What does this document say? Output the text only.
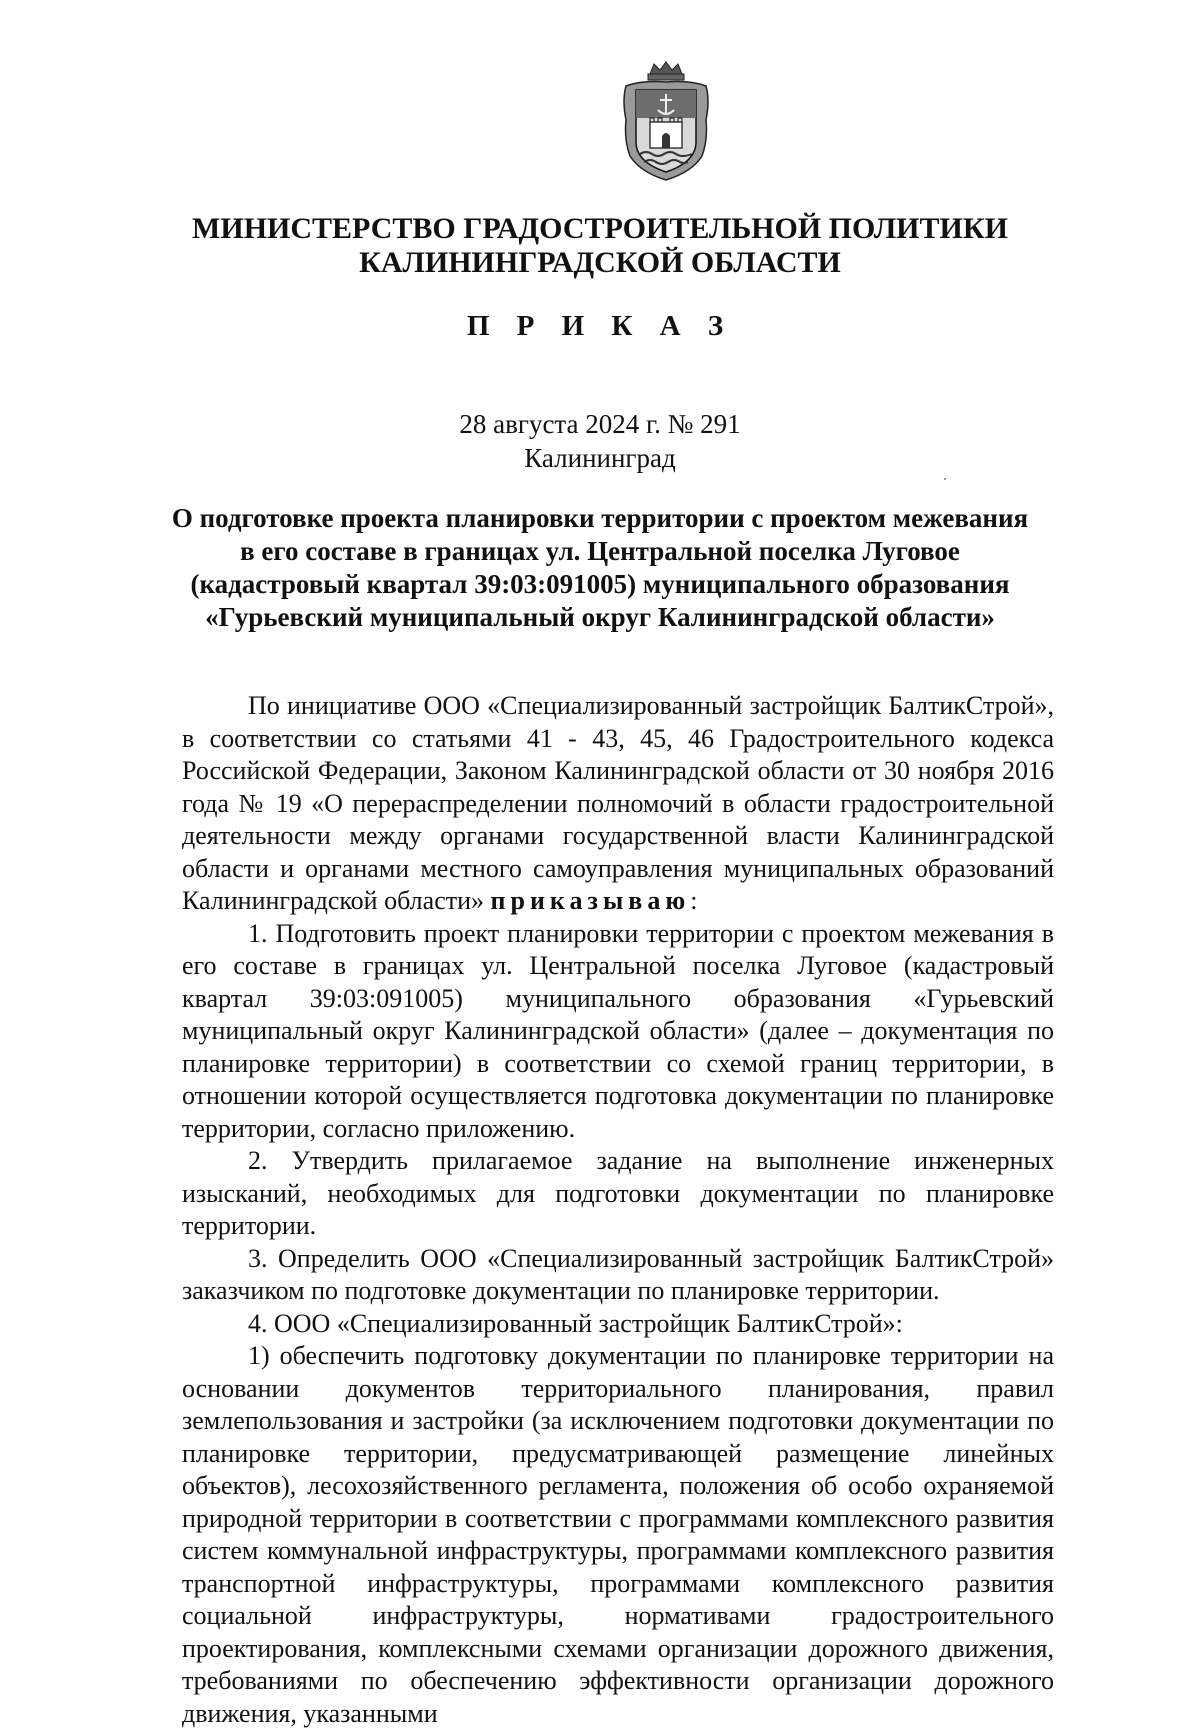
МИНИСТЕРСТВО ГРАДОСТРОИТЕЛЬНОЙ ПОЛИТИКИ
КАЛИНИНГРАДСКОЙ ОБЛАСТИ
П Р И К А З
28 августа 2024 г. № 291
Калининград
О подготовке проекта планировки территории с проектом межевания
в его составе в границах ул. Центральной поселка Луговое
(кадастровый квартал 39:03:091005) муниципального образования
«Гурьевский муниципальный округ Калининградской области»

По инициативе ООО «Специализированный застройщик БалтикСтрой», в соответствии со статьями 41 - 43, 45, 46 Градостроительного кодекса Российской Федерации, Законом Калининградской области от 30 ноября 2016 года № 19 «О перераспределении полномочий в области градостроительной деятельности между органами государственной власти Калининградской области и органами местного самоуправления муниципальных образований Калининградской области» приказываю:

1. Подготовить проект планировки территории с проектом межевания в его составе в границах ул. Центральной поселка Луговое (кадастровый квартал 39:03:091005) муниципального образования «Гурьевский муниципальный округ Калининградской области» (далее – документация по планировке территории) в соответствии со схемой границ территории, в отношении которой осуществляется подготовка документации по планировке территории, согласно приложению.

2. Утвердить прилагаемое задание на выполнение инженерных изысканий, необходимых для подготовки документации по планировке территории.

3. Определить ООО «Специализированный застройщик БалтикСтрой» заказчиком по подготовке документации по планировке территории.

4. ООО «Специализированный застройщик БалтикСтрой»:

1) обеспечить подготовку документации по планировке территории на основании документов территориального планирования, правил землепользования и застройки (за исключением подготовки документации по планировке территории, предусматривающей размещение линейных объектов), лесохозяйственного регламента, положения об особо охраняемой природной территории в соответствии с программами комплексного развития систем коммунальной инфраструктуры, программами комплексного развития транспортной инфраструктуры, программами комплексного развития социальной инфраструктуры, нормативами градостроительного проектирования, комплексными схемами организации дорожного движения, требованиями по обеспечению эффективности организации дорожного движения, указанными
